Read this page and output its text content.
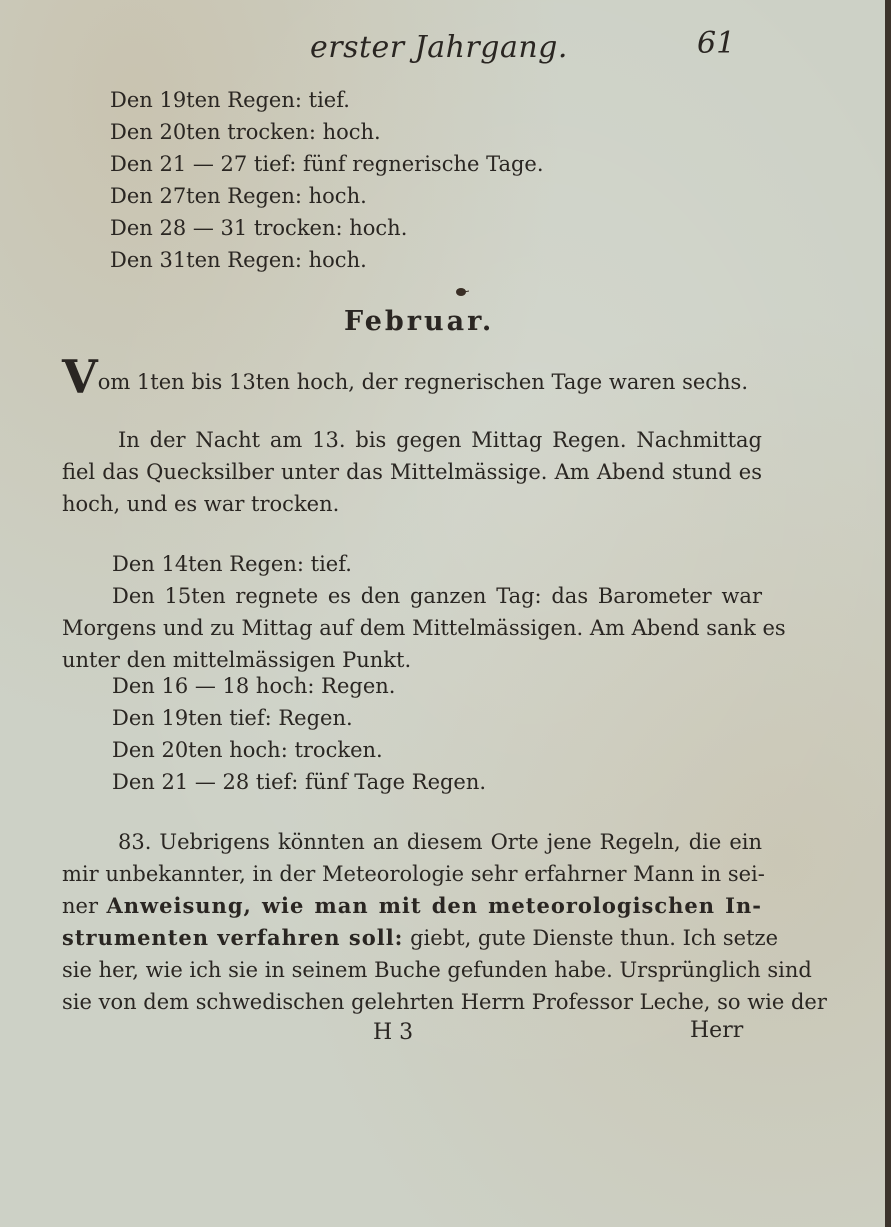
erster Jahrgang.	61
Den 19ten Regen: tief.
Den 20ten trocken: hoch.
Den 21 — 27 tief: fünf regnerische Tage.
Den 27ten Regen: hoch.
Den 28 — 31 trocken: hoch.
Den 31ten Regen: hoch.
Februar.
Vom 1ten bis 13ten hoch, der regnerischen Tage waren sechs.
In der Nacht am 13. bis gegen Mittag Regen. Nachmittag
fiel das Quecksilber unter das Mittelmässige. Am Abend stund es
hoch, und es war trocken.
Den 14ten Regen: tief.
Den 15ten regnete es den ganzen Tag: das Barometer war
Morgens und zu Mittag auf dem Mittelmässigen. Am Abend sank es
unter den mittelmässigen Punkt.
Den 16 — 18 hoch: Regen.
Den 19ten tief: Regen.
Den 20ten hoch: trocken.
Den 21 — 28 tief: fünf Tage Regen.
83. Uebrigens könnten an diesem Orte jene Regeln, die ein
mir unbekannter, in der Meteorologie sehr erfahrner Mann in sei-
ner Anweisung, wie man mit den meteorologischen In-
strumenten verfahren soll: giebt, gute Dienste thun. Ich setze
sie her, wie ich sie in seinem Buche gefunden habe. Ursprünglich sind
sie von dem schwedischen gelehrten Herrn Professor Leche, so wie der
H 3	Herr
